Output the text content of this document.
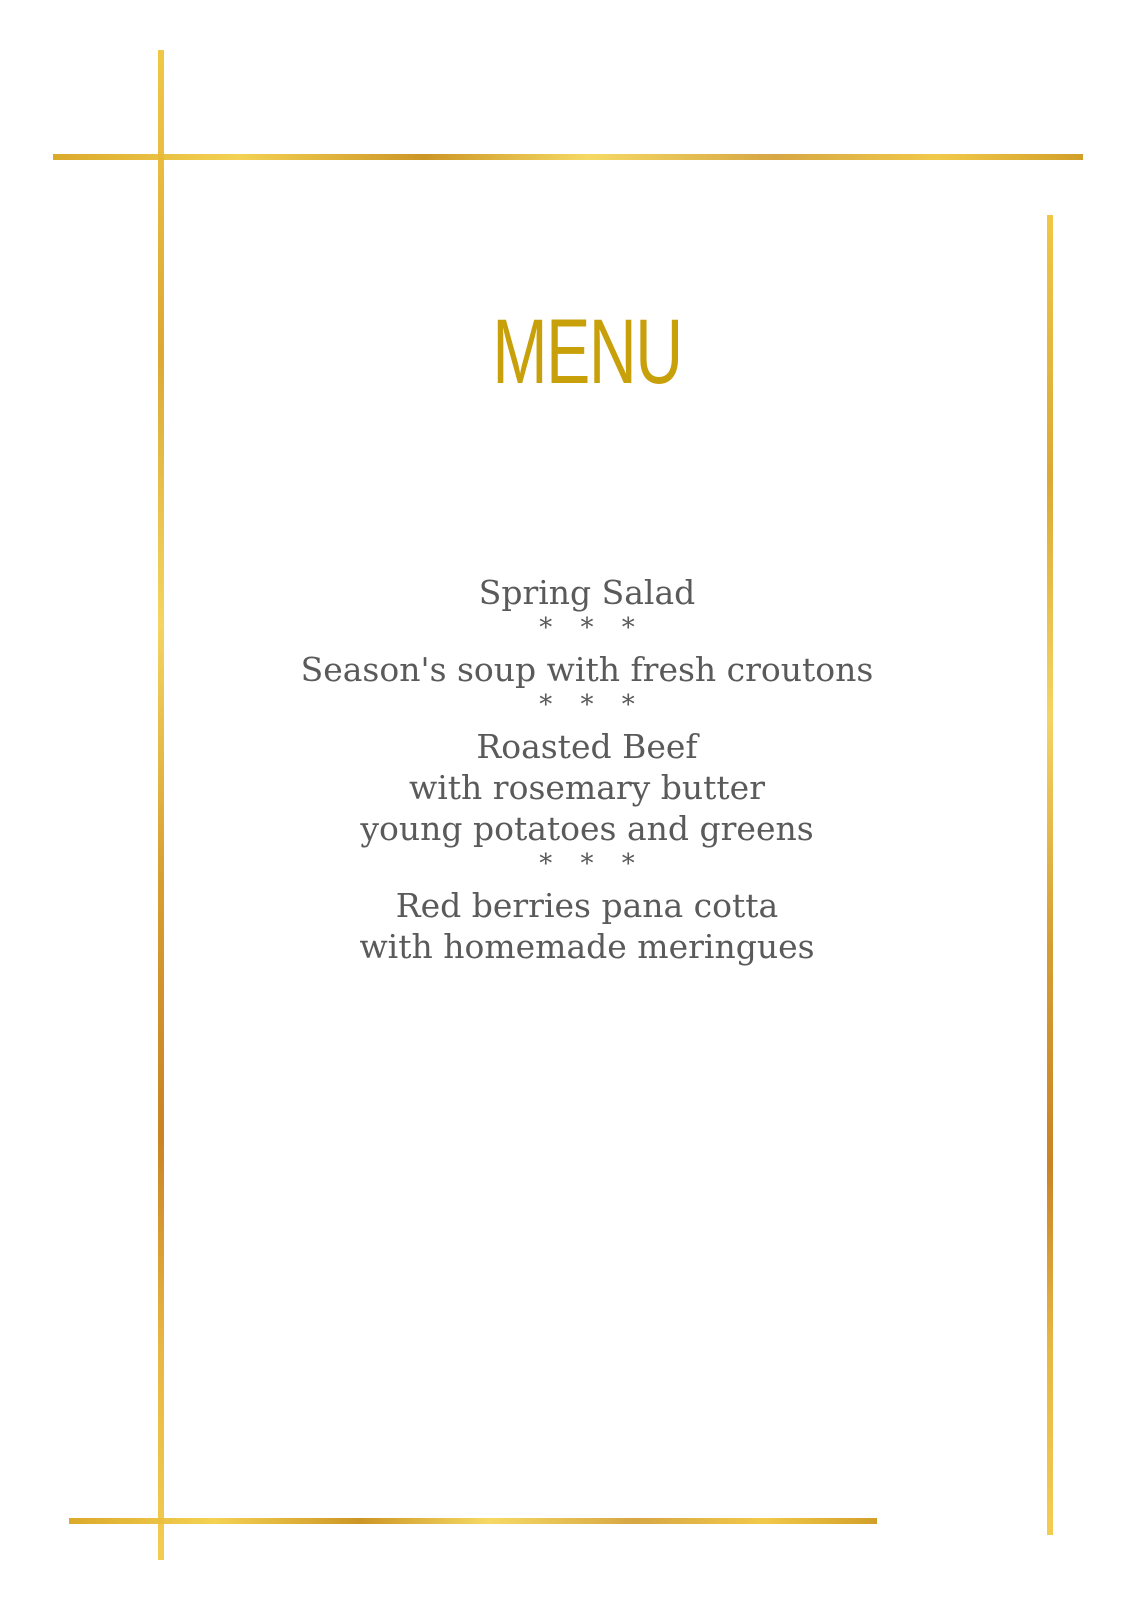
MENU
Spring Salad
* * *
Season's soup with fresh croutons
* * *
Roasted Beef
with rosemary butter
young potatoes and greens
* * *
Red berries pana cotta
with homemade meringues
